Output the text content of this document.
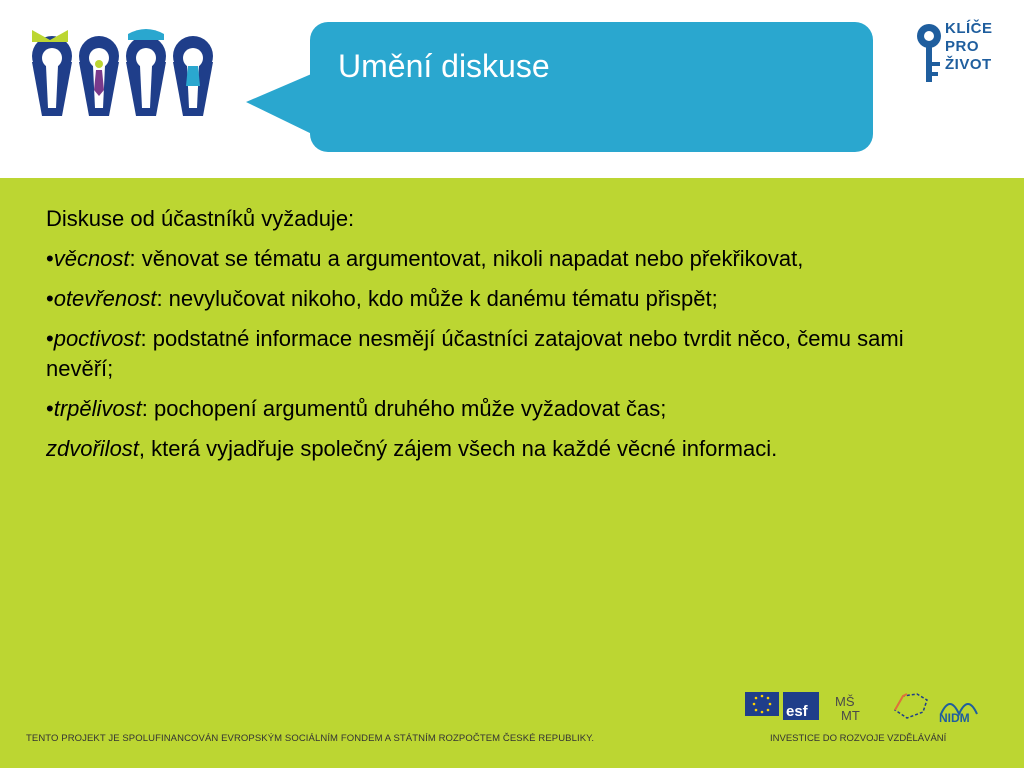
Umění diskuse
KLÍČE
PRO
ŽIVOT

Diskuse od účastníků vyžaduje:

•věcnost: věnovat se tématu a argumentovat, nikoli napadat nebo překřikovat,

•otevřenost: nevylučovat nikoho, kdo může k danému tématu přispět;

•poctivost: podstatné informace nesmějí účastníci zatajovat nebo tvrdit něco, čemu sami nevěří;

•trpělivost: pochopení argumentů druhého může vyžadovat čas;

zdvořilost, která vyjadřuje společný zájem všech na každé věcné informaci.

TENTO PROJEKT JE SPOLUFINANCOVÁN EVROPSKÝM SOCIÁLNÍM FONDEM A STÁTNÍM ROZPOČTEM ČESKÉ REPUBLIKY.	INVESTICE DO ROZVOJE VZDĚLÁVÁNÍ
esf
MŠ
MT	NIDM
